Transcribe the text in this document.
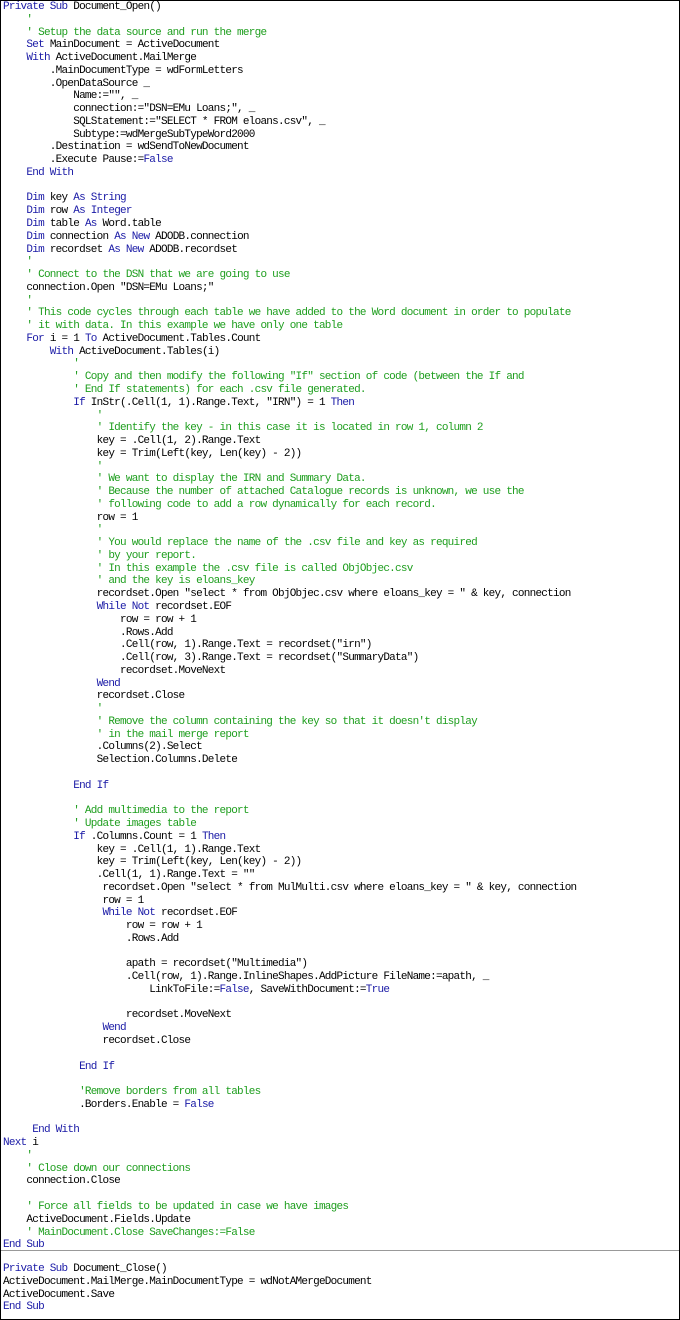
Private Sub Document_Open()
'
' Setup the data source and run the merge
Set MainDocument = ActiveDocument
With ActiveDocument.MailMerge
.MainDocumentType = wdFormLetters
.OpenDataSource _
Name:="", _
connection:="DSN=EMu Loans;", _
SQLStatement:="SELECT * FROM eloans.csv", _
Subtype:=wdMergeSubTypeWord2000
.Destination = wdSendToNewDocument
.Execute Pause:=False
End With
Dim key As String
Dim row As Integer
Dim table As Word.table
Dim connection As New ADODB.connection
Dim recordset As New ADODB.recordset
'
' Connect to the DSN that we are going to use
connection.Open "DSN=EMu Loans;"
'
' This code cycles through each table we have added to the Word document in order to populate
' it with data. In this example we have only one table
For i = 1 To ActiveDocument.Tables.Count
With ActiveDocument.Tables(i)
'
' Copy and then modify the following "If" section of code (between the If and
' End If statements) for each .csv file generated.
If InStr(.Cell(1, 1).Range.Text, "IRN") = 1 Then
'
' Identify the key - in this case it is located in row 1, column 2
key = .Cell(1, 2).Range.Text
key = Trim(Left(key, Len(key) - 2))
'
' We want to display the IRN and Summary Data.
' Because the number of attached Catalogue records is unknown, we use the
' following code to add a row dynamically for each record.
row = 1
'
' You would replace the name of the .csv file and key as required
' by your report.
' In this example the .csv file is called ObjObjec.csv
' and the key is eloans_key
recordset.Open "select * from ObjObjec.csv where eloans_key = " & key, connection
While Not recordset.EOF
row = row + 1
.Rows.Add
.Cell(row, 1).Range.Text = recordset("irn")
.Cell(row, 3).Range.Text = recordset("SummaryData")
recordset.MoveNext
Wend
recordset.Close
'
' Remove the column containing the key so that it doesn't display
' in the mail merge report
.Columns(2).Select
Selection.Columns.Delete
End If
' Add multimedia to the report
' Update images table
If .Columns.Count = 1 Then
key = .Cell(1, 1).Range.Text
key = Trim(Left(key, Len(key) - 2))
.Cell(1, 1).Range.Text = ""
recordset.Open "select * from MulMulti.csv where eloans_key = " & key, connection
row = 1
While Not recordset.EOF
row = row + 1
.Rows.Add
apath = recordset("Multimedia")
.Cell(row, 1).Range.InlineShapes.AddPicture FileName:=apath, _
LinkToFile:=False, SaveWithDocument:=True
recordset.MoveNext
Wend
recordset.Close
End If
'Remove borders from all tables
.Borders.Enable = False
End With
Next i
'
' Close down our connections
connection.Close
' Force all fields to be updated in case we have images
ActiveDocument.Fields.Update
' MainDocument.Close SaveChanges:=False
End Sub
Private Sub Document_Close()
ActiveDocument.MailMerge.MainDocumentType = wdNotAMergeDocument
ActiveDocument.Save
End Sub
